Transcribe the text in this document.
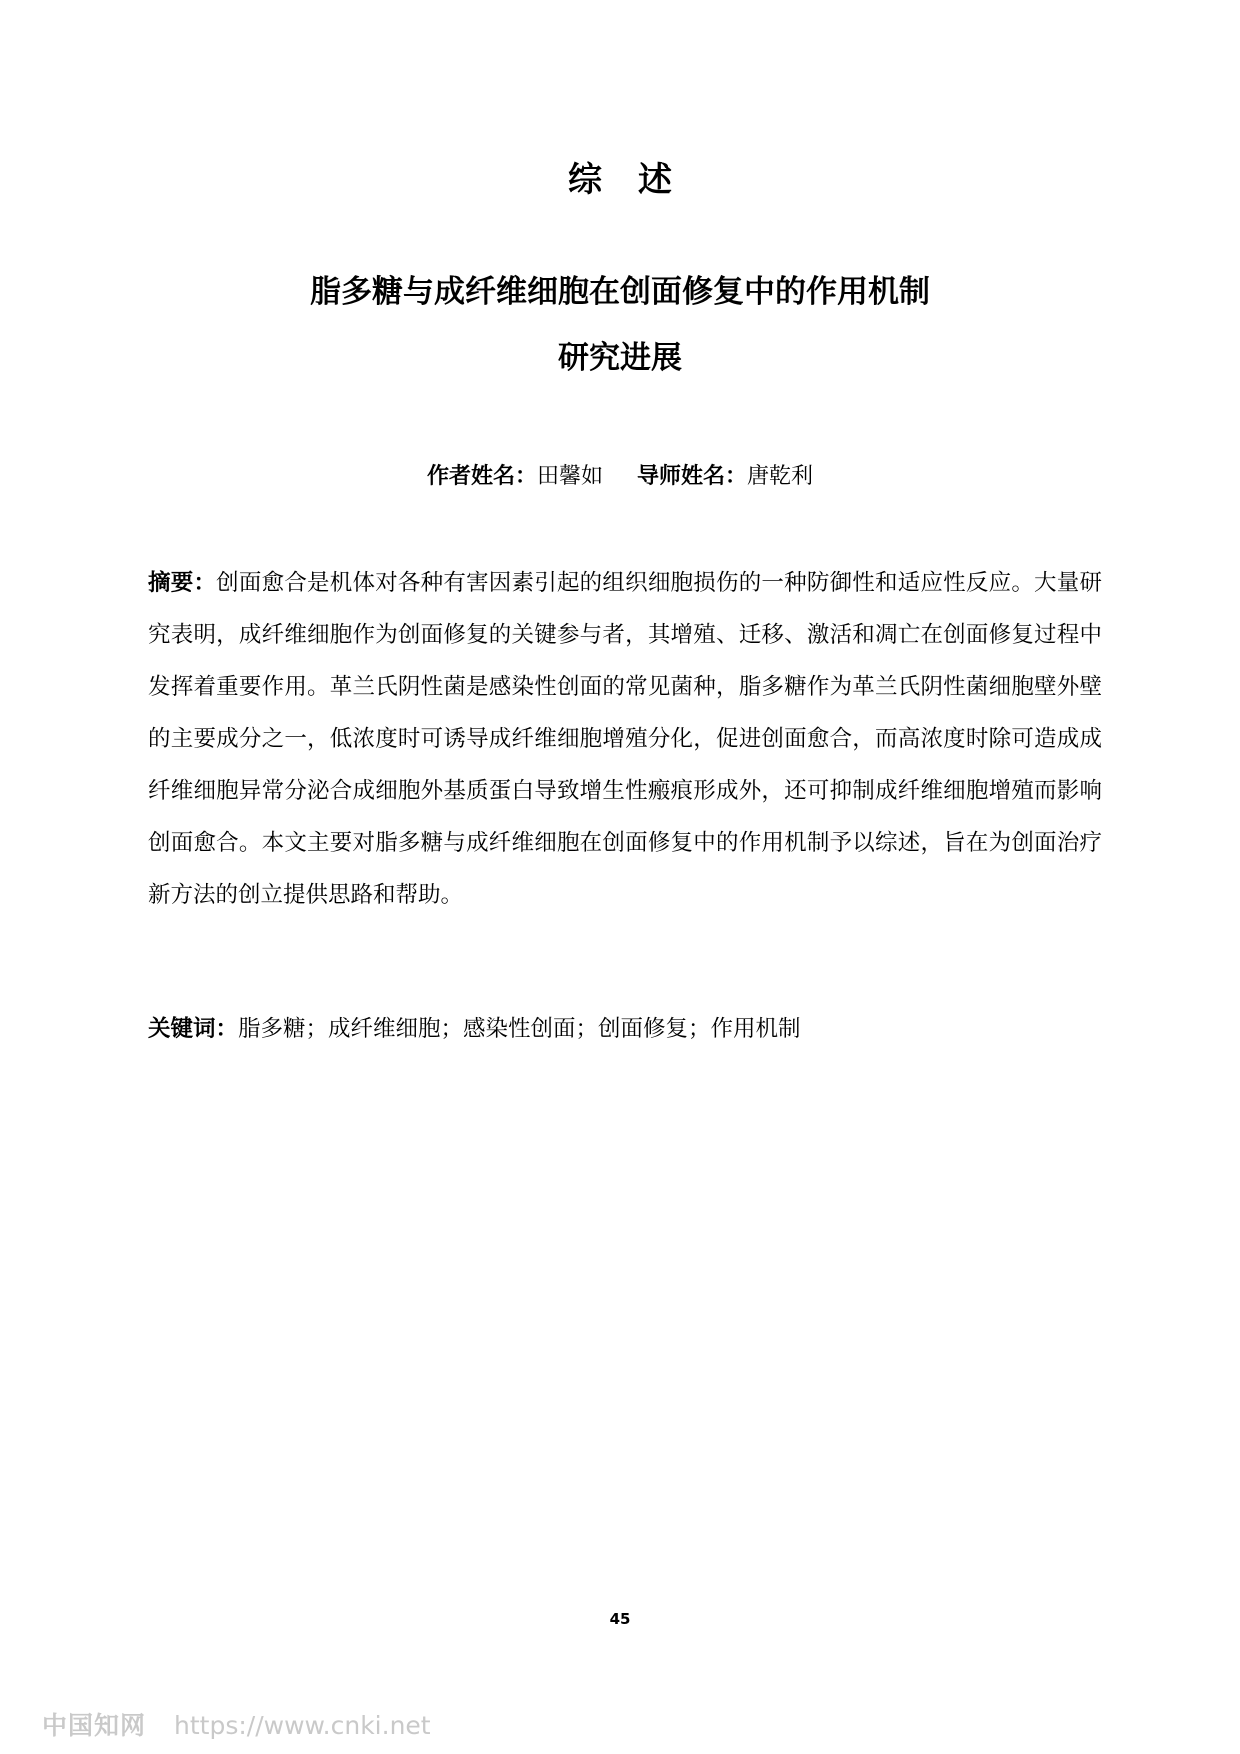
综述
脂多糖与成纤维细胞在创面修复中的作用机制
研究进展
作者姓名：田馨如 导师姓名：唐乾利
摘要：创面愈合是机体对各种有害因素引起的组织细胞损伤的一种防御性和适应性反应。大量研究表明，成纤维细胞作为创面修复的关键参与者，其增殖、迁移、激活和凋亡在创面修复过程中发挥着重要作用。革兰氏阴性菌是感染性创面的常见菌种，脂多糖作为革兰氏阴性菌细胞壁外壁的主要成分之一，低浓度时可诱导成纤维细胞增殖分化，促进创面愈合，而高浓度时除可造成成纤维细胞异常分泌合成细胞外基质蛋白导致增生性瘢痕形成外，还可抑制成纤维细胞增殖而影响创面愈合。本文主要对脂多糖与成纤维细胞在创面修复中的作用机制予以综述，旨在为创面治疗新方法的创立提供思路和帮助。
关键词：脂多糖；成纤维细胞；感染性创面；创面修复；作用机制
45
中国知网 https://www.cnki.net
